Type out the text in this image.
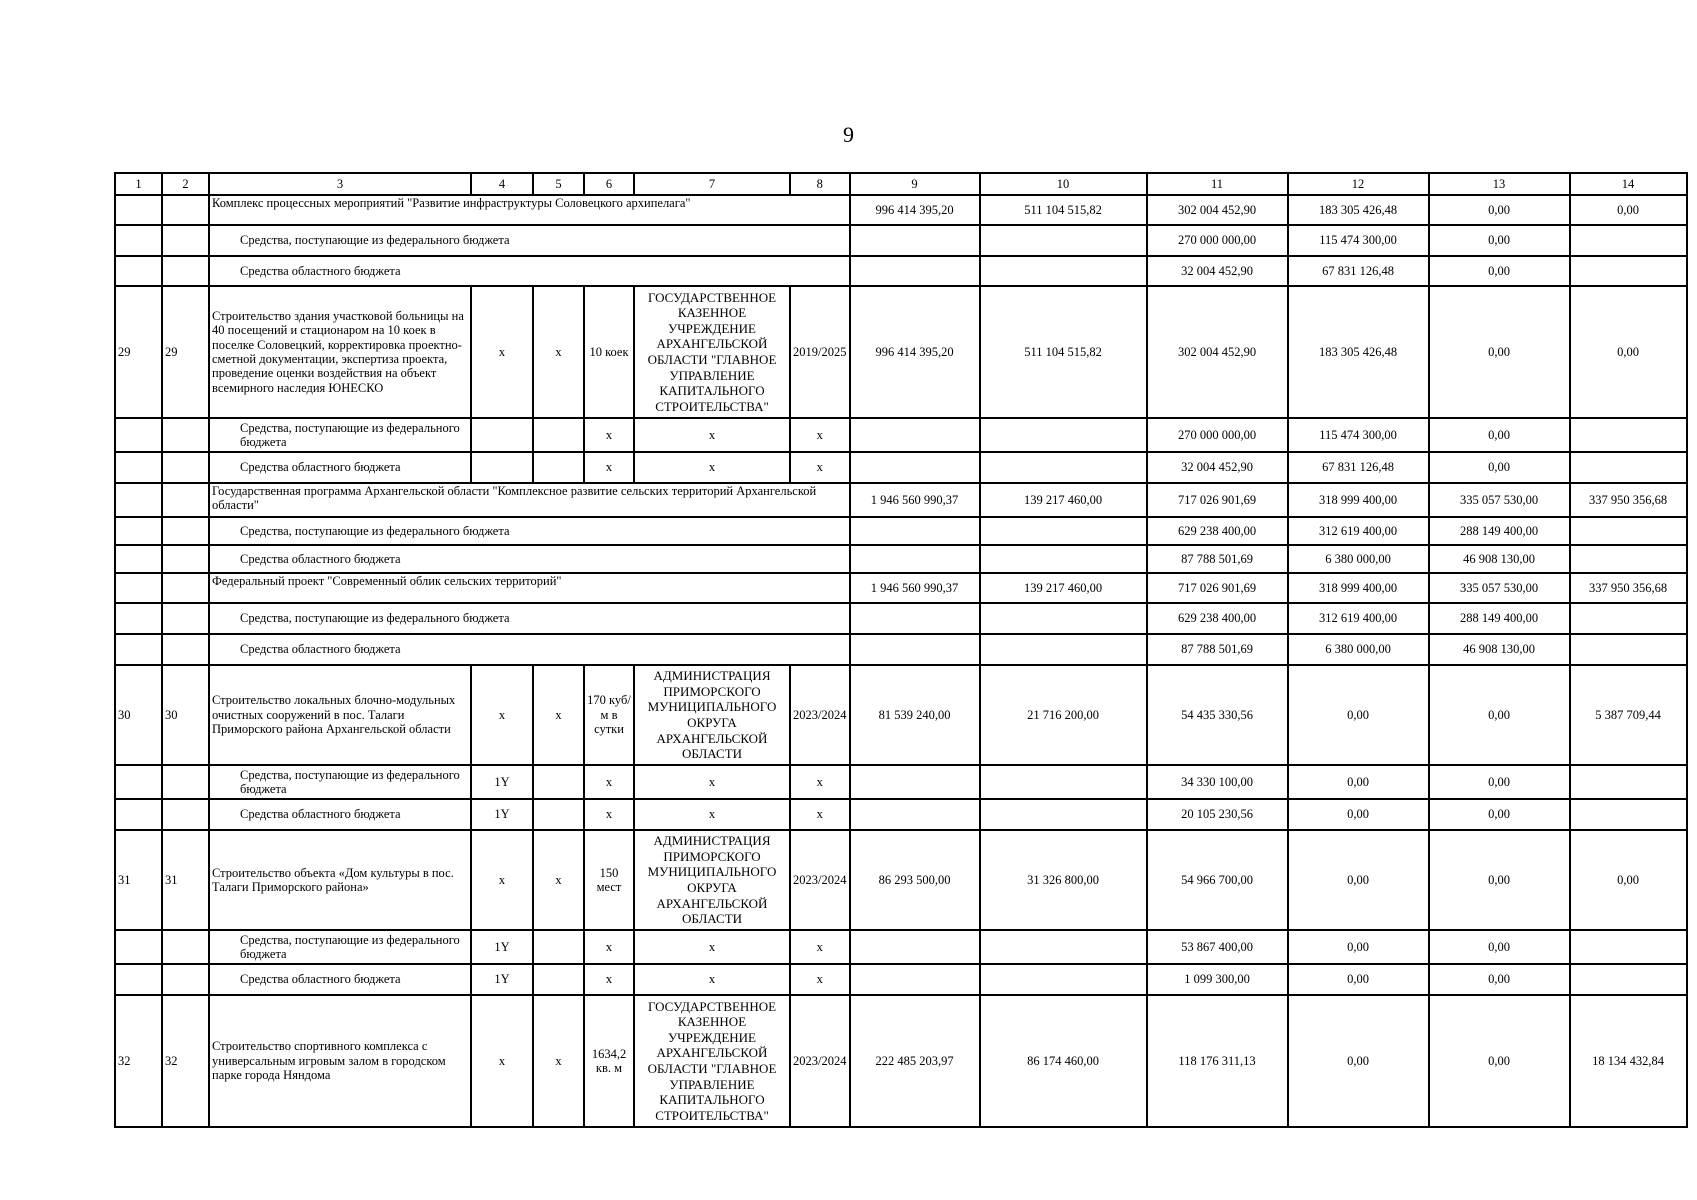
9
1	2	3	4	5	6	7	8	9	10	11	12	13	14
		Комплекс процессных мероприятий "Развитие инфраструктуры Соловецкого архипелага"						996 414 395,20	511 104 515,82	302 004 452,90	183 305 426,48	0,00	0,00
		Средства, поступающие из федерального бюджета								270 000 000,00	115 474 300,00	0,00	
		Средства областного бюджета								32 004 452,90	67 831 126,48	0,00	
29	29	Строительство здания участковой больницы на 40 посещений и стационаром на 10 коек в поселке Соловецкий, корректировка проектно-сметной документации, экспертиза проекта, проведение оценки воздействия на объект всемирного наследия ЮНЕСКО	x	x	10 коек	ГОСУДАРСТВЕННОЕ КАЗЕННОЕ УЧРЕЖДЕНИЕ АРХАНГЕЛЬСКОЙ ОБЛАСТИ "ГЛАВНОЕ УПРАВЛЕНИЕ КАПИТАЛЬНОГО СТРОИТЕЛЬСТВА"	2019/2025	996 414 395,20	511 104 515,82	302 004 452,90	183 305 426,48	0,00	0,00
		Средства, поступающие из федерального бюджета			x	x	x			270 000 000,00	115 474 300,00	0,00	
		Средства областного бюджета			x	x	x			32 004 452,90	67 831 126,48	0,00	
		Государственная программа Архангельской области "Комплексное развитие сельских территорий Архангельской области"						1 946 560 990,37	139 217 460,00	717 026 901,69	318 999 400,00	335 057 530,00	337 950 356,68
		Средства, поступающие из федерального бюджета								629 238 400,00	312 619 400,00	288 149 400,00	
		Средства областного бюджета								87 788 501,69	6 380 000,00	46 908 130,00	
		Федеральный проект "Современный облик сельских территорий"						1 946 560 990,37	139 217 460,00	717 026 901,69	318 999 400,00	335 057 530,00	337 950 356,68
		Средства, поступающие из федерального бюджета								629 238 400,00	312 619 400,00	288 149 400,00	
		Средства областного бюджета								87 788 501,69	6 380 000,00	46 908 130,00	
30	30	Строительство локальных блочно-модульных очистных сооружений в пос. Талаги Приморского района Архангельской области	x	x	170 куб/м в сутки	АДМИНИСТРАЦИЯ ПРИМОРСКОГО МУНИЦИПАЛЬНОГО ОКРУГА АРХАНГЕЛЬСКОЙ ОБЛАСТИ	2023/2024	81 539 240,00	21 716 200,00	54 435 330,56	0,00	0,00	5 387 709,44
		Средства, поступающие из федерального бюджета	1Y		x	x	x			34 330 100,00	0,00	0,00	
		Средства областного бюджета	1Y		x	x	x			20 105 230,56	0,00	0,00	
31	31	Строительство объекта «Дом культуры в пос. Талаги Приморского района»	x	x	150 мест	АДМИНИСТРАЦИЯ ПРИМОРСКОГО МУНИЦИПАЛЬНОГО ОКРУГА АРХАНГЕЛЬСКОЙ ОБЛАСТИ	2023/2024	86 293 500,00	31 326 800,00	54 966 700,00	0,00	0,00	0,00
		Средства, поступающие из федерального бюджета	1Y		x	x	x			53 867 400,00	0,00	0,00	
		Средства областного бюджета	1Y		x	x	x			1 099 300,00	0,00	0,00	
32	32	Строительство спортивного комплекса с универсальным игровым залом в городском парке города Няндома	x	x	1634,2 кв. м	ГОСУДАРСТВЕННОЕ КАЗЕННОЕ УЧРЕЖДЕНИЕ АРХАНГЕЛЬСКОЙ ОБЛАСТИ "ГЛАВНОЕ УПРАВЛЕНИЕ КАПИТАЛЬНОГО СТРОИТЕЛЬСТВА"	2023/2024	222 485 203,97	86 174 460,00	118 176 311,13	0,00	0,00	18 134 432,84
